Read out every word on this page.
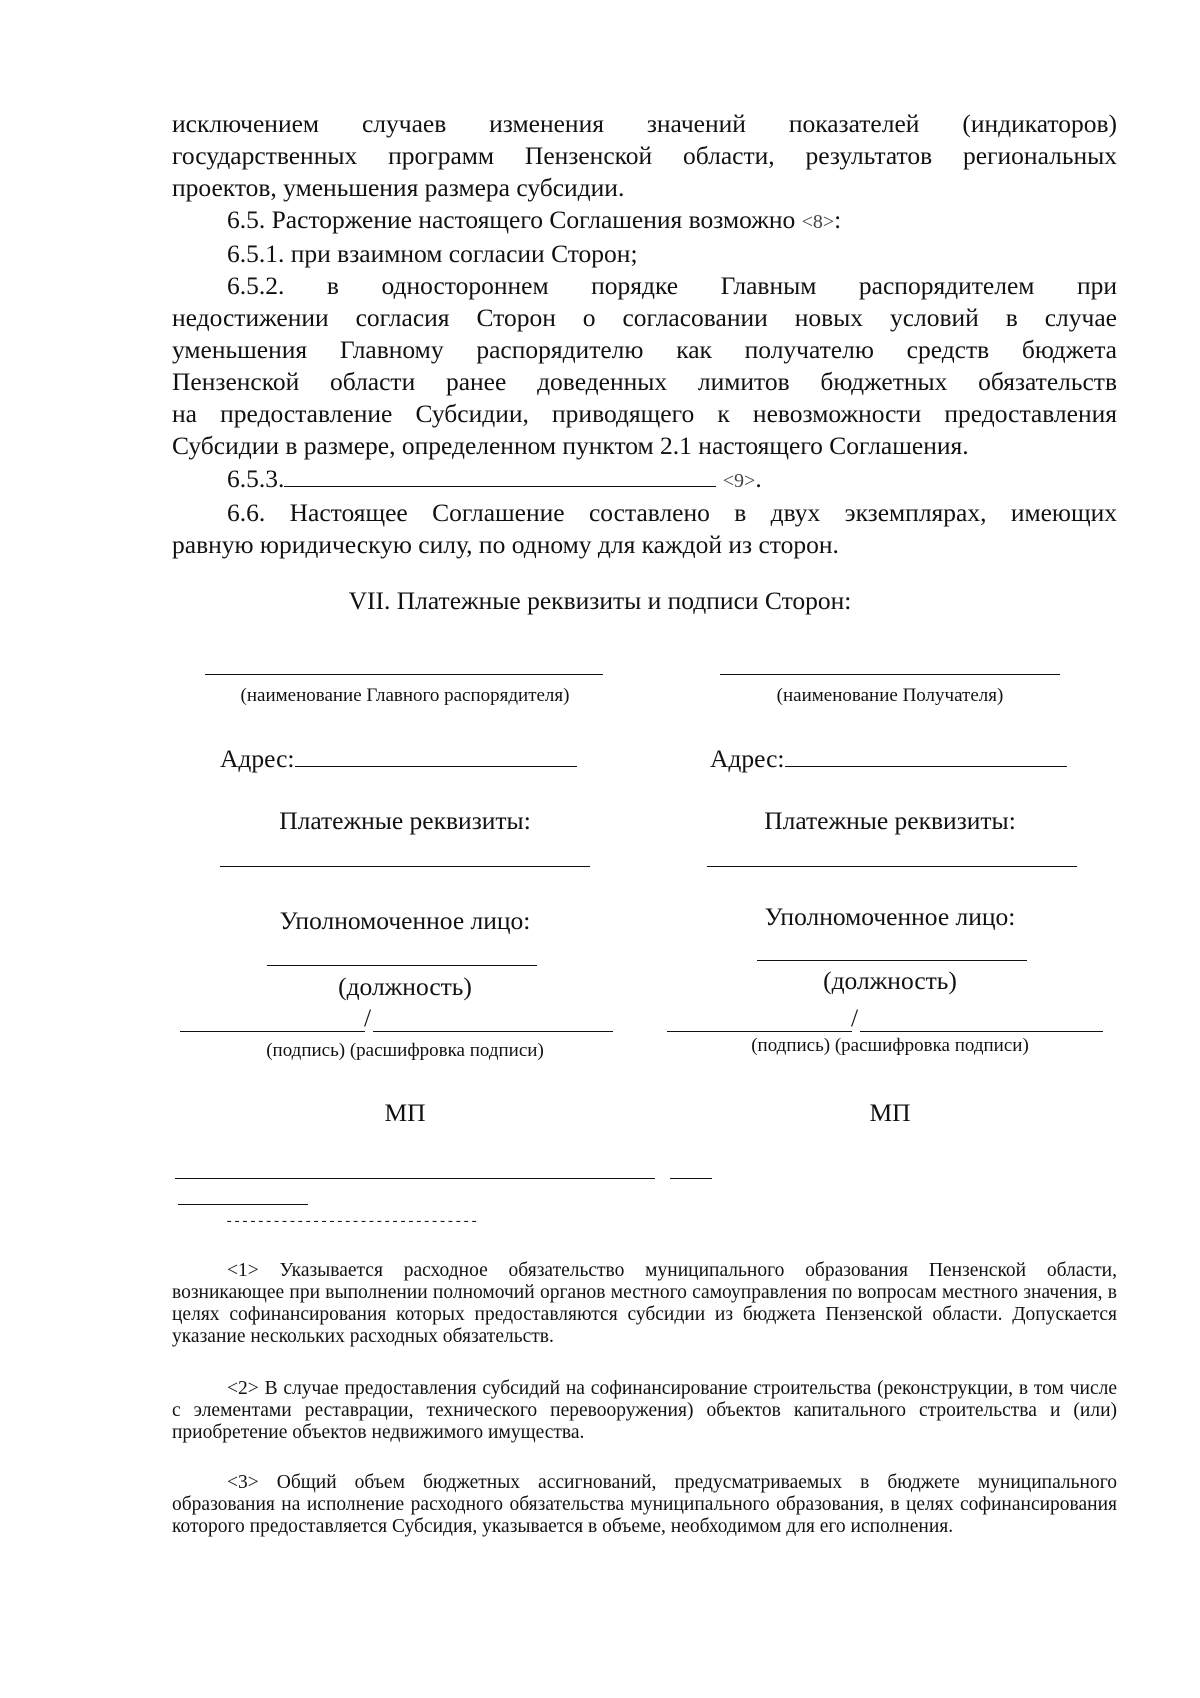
исключением случаев изменения значений показателей (индикаторов)

государственных программ Пензенской области, результатов региональных

проектов, уменьшения размера субсидии.

6.5. Расторжение настоящего Соглашения возможно <8>:

6.5.1. при взаимном согласии Сторон;

6.5.2. в одностороннем порядке Главным распорядителем при

недостижении согласия Сторон о согласовании новых условий в случае

уменьшения Главному распорядителю как получателю средств бюджета

Пензенской области ранее доведенных лимитов бюджетных обязательств

на предоставление Субсидии, приводящего к невозможности предоставления

Субсидии в размере, определенном пунктом 2.1 настоящего Соглашения.

6.5.3.	<9>.

6.6. Настоящее Соглашение составлено в двух экземплярах, имеющих

равную юридическую силу, по одному для каждой из сторон.

VII. Платежные реквизиты и подписи Сторон:
(наименование Главного распорядителя)
Адрес:
Платежные реквизиты:
Уполномоченное лицо:
(должность)
/
(подпись) (расшифровка подписи)
МП
(наименование Получателя)
Адрес:
Платежные реквизиты:
Уполномоченное лицо:
(должность)
/
(подпись) (расшифровка подписи)
МП
--------------------------------

<1> Указывается расходное обязательство муниципального образования Пензенской области, возникающее при выполнении полномочий органов местного самоуправления по вопросам местного значения, в целях софинансирования которых предоставляются субсидии из бюджета Пензенской области. Допускается указание нескольких расходных обязательств.

<2> В случае предоставления субсидий на софинансирование строительства (реконструкции, в том числе с элементами реставрации, технического перевооружения) объектов капитального строительства и (или) приобретение объектов недвижимого имущества.

<3> Общий объем бюджетных ассигнований, предусматриваемых в бюджете муниципального образования на исполнение расходного обязательства муниципального образования, в целях софинансирования которого предоставляется Субсидия, указывается в объеме, необходимом для его исполнения.
